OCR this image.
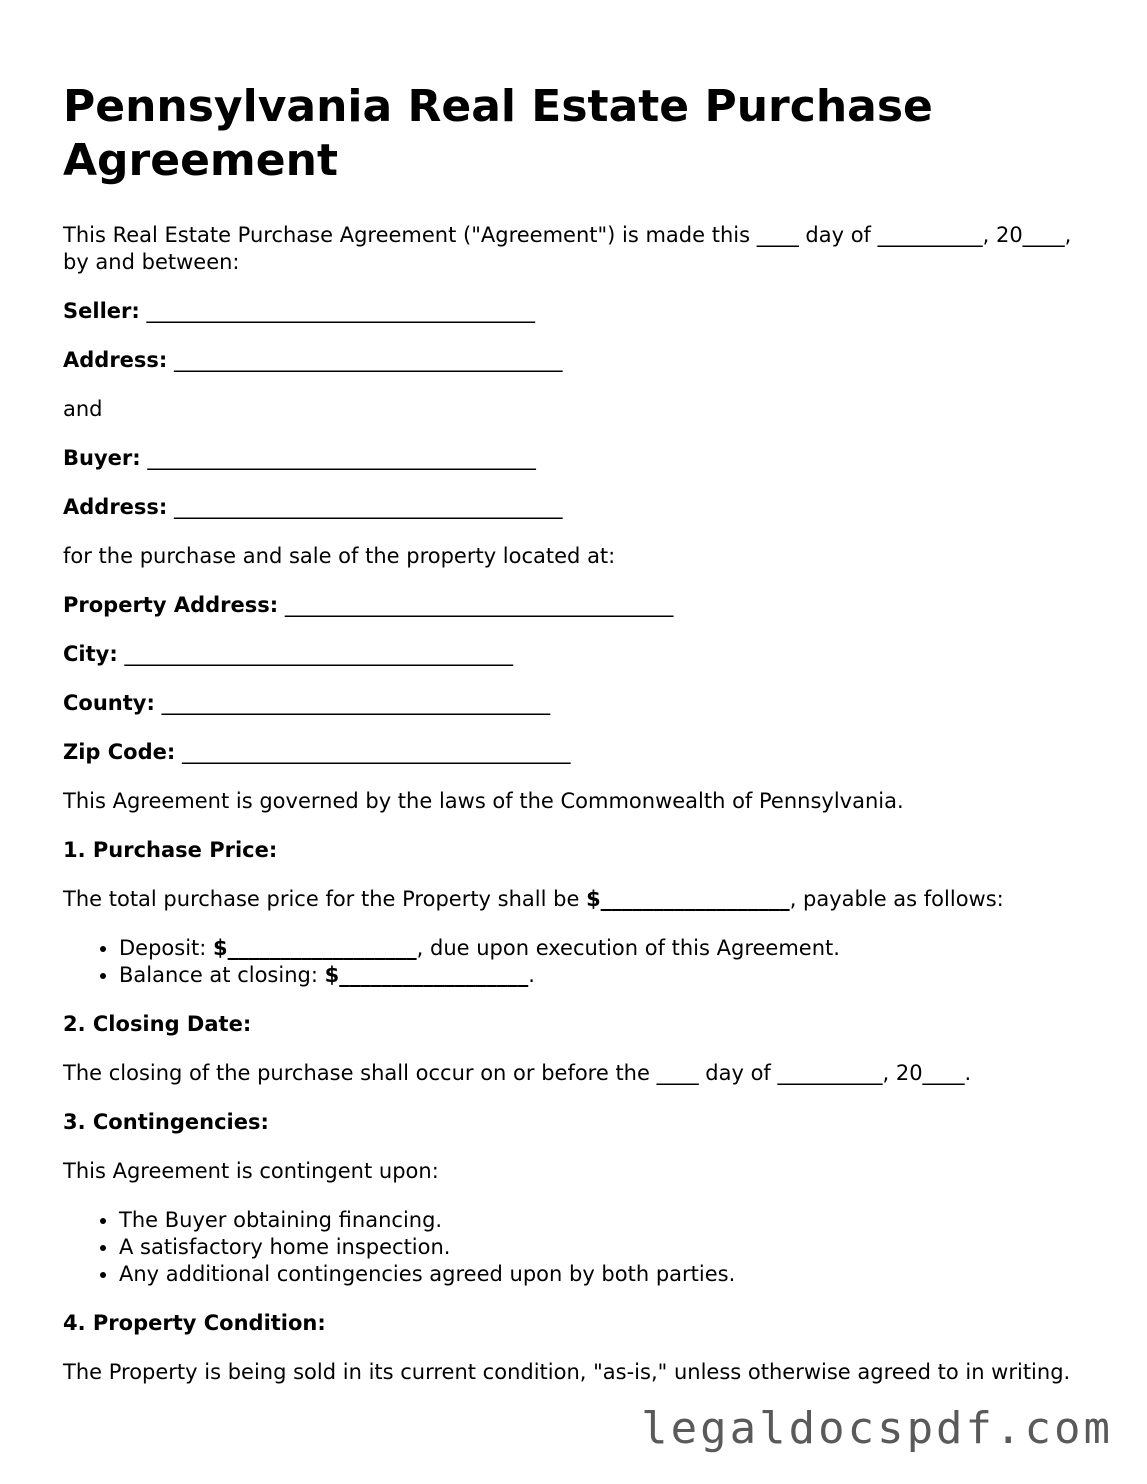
Pennsylvania Real Estate Purchase Agreement

This Real Estate Purchase Agreement ("Agreement") is made this ____ day of __________, 20____, by and between:

Seller: _____________________________________
Address: _____________________________________

and

Buyer: _____________________________________
Address: _____________________________________

for the purchase and sale of the property located at:

Property Address: _____________________________________
City: _____________________________________
County: _____________________________________
Zip Code: _____________________________________

This Agreement is governed by the laws of the Commonwealth of Pennsylvania.

1. Purchase Price:

The total purchase price for the Property shall be $__________________, payable as follows:

• Deposit: $__________________, due upon execution of this Agreement.
• Balance at closing: $__________________.
2. Closing Date:

The closing of the purchase shall occur on or before the ____ day of __________, 20____.

3. Contingencies:

This Agreement is contingent upon:

• The Buyer obtaining financing.
• A satisfactory home inspection.
• Any additional contingencies agreed upon by both parties.
4. Property Condition:

The Property is being sold in its current condition, "as-is," unless otherwise agreed to in writing.

legaldocspdf.com
